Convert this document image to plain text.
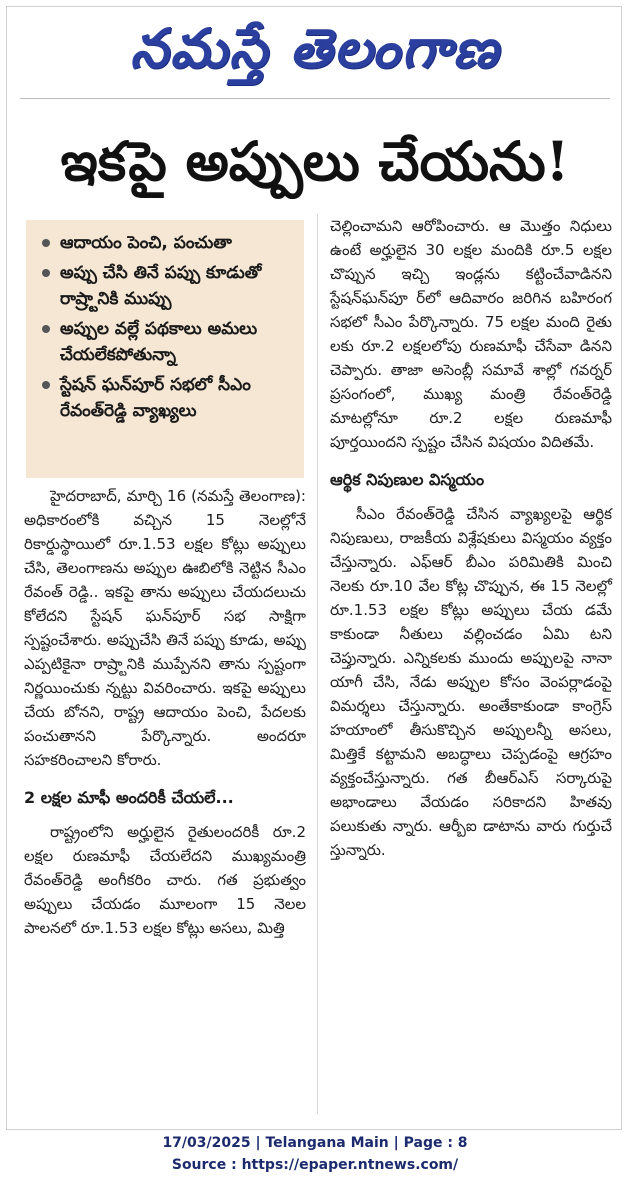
నమస్తే తెలంగాణ
ఇకపై అప్పులు చేయను!
ఆదాయం పెంచి, పంచుతా
అప్పు చేసి తినే పప్పు కూడుతో రాష్ర్టానికి ముప్పు
అప్పుల వల్లే పథకాలు అమలు చేయలేకపోతున్నా
స్టేషన్ ఘన్‌పూర్ సభలో సీఎం రేవంత్‌రెడ్డి వ్యాఖ్యలు

హైదరాబాద్, మార్చి 16 (నమస్తే తెలంగాణ): అధికారంలోకి వచ్చిన 15 నెలల్లోనే రికార్డుస్థాయిలో రూ.1.53 లక్షల కోట్లు అప్పులు చేసి, తెలంగాణను అప్పుల ఊబిలోకి నెట్టిన సీఎం రేవంత్ రెడ్డి.. ఇకపై తాను అప్పులు చేయదలుచు కోలేదని స్టేషన్ ఘన్‌పూర్ సభ సాక్షిగా స్పష్టంచేశారు. అప్పుచేసి తినే పప్పు కూడు, అప్పు ఎప్పటికైనా రాష్ర్టానికి ముప్పేనని తాను స్పష్టంగా నిర్ణయించుకు న్నట్టు వివరించారు. ఇకపై అప్పులు చేయ బోనని, రాష్ట్ర ఆదాయం పెంచి, పేదలకు పంచుతానని పేర్కొన్నారు. అందరూ సహకరించాలని కోరారు.

2 లక్షల మాఫీ అందరికీ చేయలే...

రాష్ట్రంలోని అర్హులైన రైతులందరికీ రూ.2 లక్షల రుణమాఫీ చేయలేదని ముఖ్యమంత్రి రేవంత్‌రెడ్డి అంగీకరిం చారు. గత ప్రభుత్వం అప్పులు చేయడం మూలంగా 15 నెలల పాలనలో రూ.1.53 లక్షల కోట్లు అసలు, మిత్తి

చెల్లించామని ఆరోపించారు. ఆ మొత్తం నిధులు ఉంటే అర్హులైన 30 లక్షల మందికి రూ.5 లక్షల చొప్పున ఇచ్చి ఇండ్లను కట్టించేవాడినని స్టేషన్‌ఘన్‌పూ ర్‌లో ఆదివారం జరిగిన బహిరంగ సభలో సీఎం పేర్కొన్నారు. 75 లక్షల మంది రైతు లకు రూ.2 లక్షలలోపు రుణమాఫీ చేసేవా డినని చెప్పారు. తాజా అసెంబ్లీ సమావే శాల్లో గవర్నర్ ప్రసంగంలో, ముఖ్య మంత్రి రేవంత్‌రెడ్డి మాటల్లోనూ రూ.2 లక్షల రుణమాఫీ పూర్తయిందని స్పష్టం చేసిన విషయం విదితమే.

ఆర్థిక నిపుణుల విస్మయం

సీఎం రేవంత్‌రెడ్డి చేసిన వ్యాఖ్యలపై ఆర్థిక నిపుణులు, రాజకీయ విశ్లేషకులు విస్మయం వ్యక్తం చేస్తున్నారు. ఎఫ్‌ఆర్ బీఎం పరిమితికి మించి నెలకు రూ.10 వేల కోట్ల చొప్పున, ఈ 15 నెలల్లో రూ.1.53 లక్షల కోట్లు అప్పులు చేయ డమే కాకుండా నీతులు వల్లించడం ఏమి టని చెప్తున్నారు. ఎన్నికలకు ముందు అప్పులపై నానా యాగీ చేసి, నేడు అప్పుల కోసం వెంపర్లాడంపై విమర్శలు చేస్తున్నారు. అంతేకాకుండా కాంగ్రెస్ హయాంలో తీసుకొచ్చిన అప్పులన్నీ అసలు, మిత్తికే కట్టామని అబద్ధాలు చెప్పడంపై ఆగ్రహం వ్యక్తంచేస్తున్నారు. గత బీఆర్‌ఎస్ సర్కారుపై అభాండాలు వేయడం సరికాదని హితవు పలుకుతు న్నారు. ఆర్బీఐ డాటాను వారు గుర్తుచే స్తున్నారు.

17/03/2025 | Telangana Main | Page : 8
Source : https://epaper.ntnews.com/
